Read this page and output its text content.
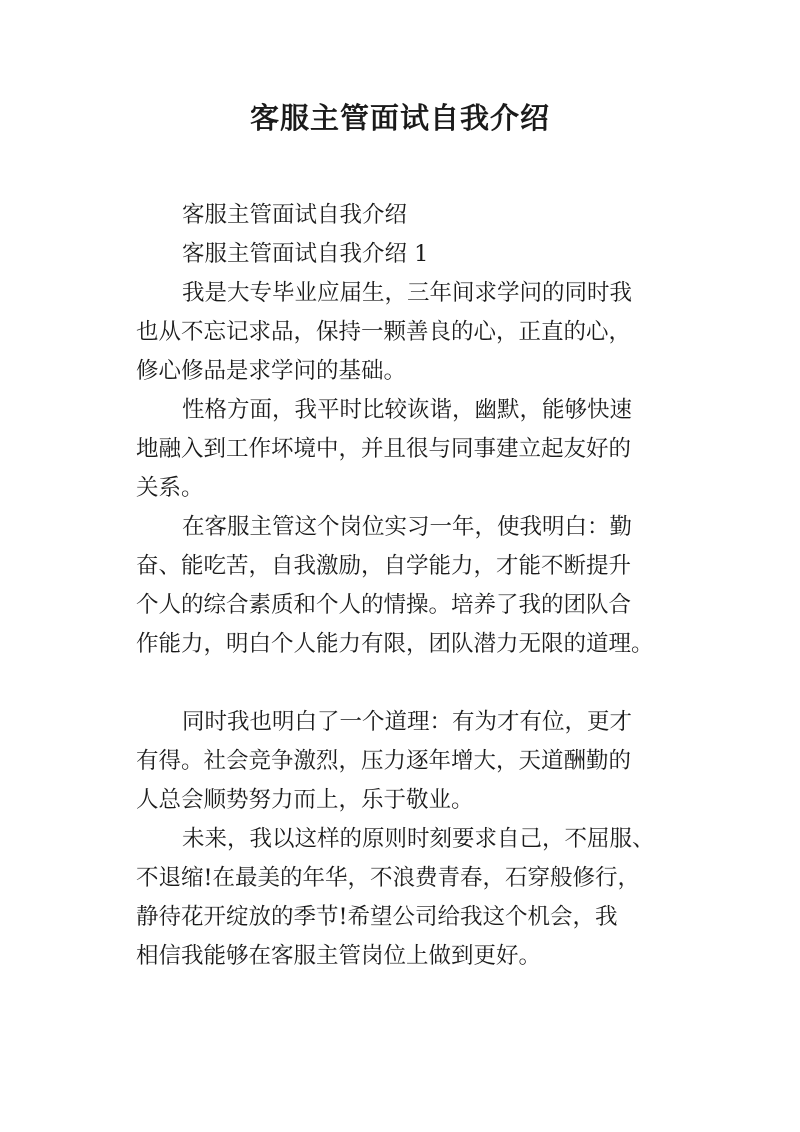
客服主管面试自我介绍
客服主管面试自我介绍
客服主管面试自我介绍 1
我是大专毕业应届生，三年间求学问的同时我
也从不忘记求品，保持一颗善良的心，正直的心，
修心修品是求学问的基础。
性格方面，我平时比较诙谐，幽默，能够快速
地融入到工作坏境中，并且很与同事建立起友好的
关系。
在客服主管这个岗位实习一年，使我明白：勤
奋、能吃苦，自我激励，自学能力，才能不断提升
个人的综合素质和个人的情操。培养了我的团队合
作能力，明白个人能力有限，团队潜力无限的道理。
同时我也明白了一个道理：有为才有位，更才
有得。社会竞争激烈，压力逐年增大，天道酬勤的
人总会顺势努力而上，乐于敬业。
未来，我以这样的原则时刻要求自己，不屈服、
不退缩!在最美的年华，不浪费青春，石穿般修行，
静待花开绽放的季节!希望公司给我这个机会，我
相信我能够在客服主管岗位上做到更好。
